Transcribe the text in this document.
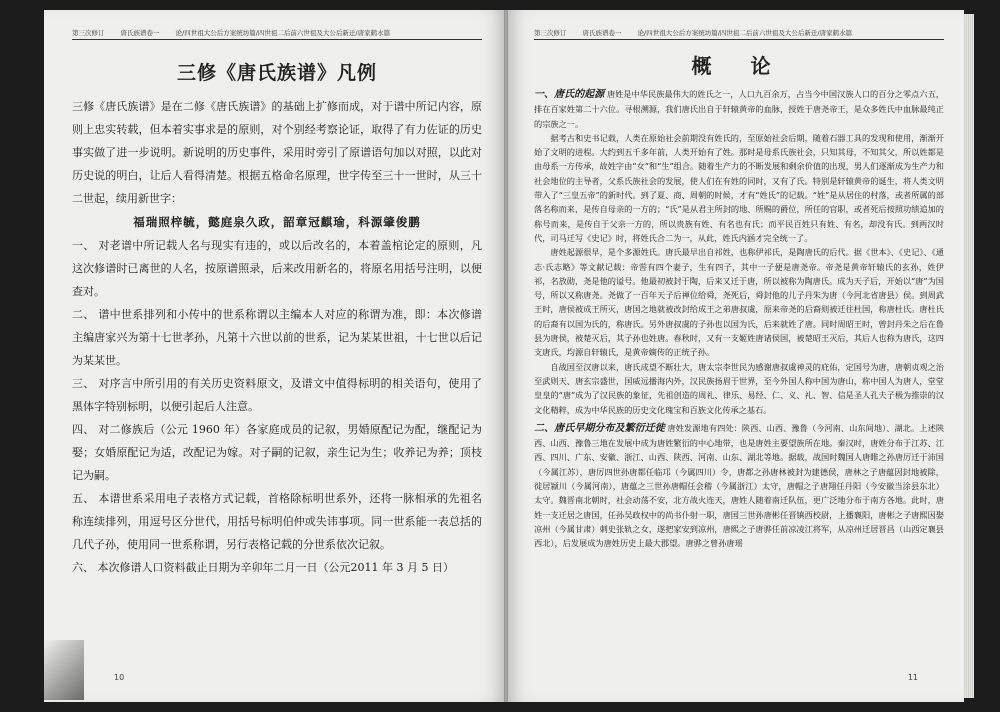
第三次修订 唐氏族谱卷一 论/四世祖大公后方案统坊篇/四世祖二后前六世祖及大公后新迁/唐家鹤水篇
三修《唐氏族谱》凡例

三修《唐氏族谱》是在二修《唐氏族谱》的基础上扩修而成，对于谱中所记内容，原则上忠实转载，但本着实事求是的原则，对个别经考察论证，取得了有力佐证的历史事实做了进一步说明。新说明的历史事件，采用时旁引了原谱语句加以对照，以此对历史说的明白，让后人看得清楚。根据五格命名原理，世字传至三十一世时，从三十二世起，续用新世字：

福瑞照梓毓，懿庭泉久政，韶章冠麒瑜，科源肇俊鹏

一、 对老谱中所记载人名与现实有违的，或以后改名的，本着盖棺论定的原则，凡这次修谱时已离世的人名，按原谱照录，后来改用新名的，将原名用括号注明，以便查对。

二、 谱中世系排列和小传中的世系称谓以主编本人对应的称谓为准，即：本次修谱主编唐家兴为第十七世孝孙，凡第十六世以前的世系，记为某某世祖，十七世以后记为某某世。

三、 对序言中所引用的有关历史资料原文，及谱文中值得标明的相关语句，使用了黑体字特别标明，以便引起后人注意。

四、 对二修族后（公元 1960 年）各家庭成员的记叙，男婚原配记为配，继配记为娶；女婚原配记为适，改配记为嫁。对子嗣的记叙，亲生记为生；收养记为养；顶枝记为嗣。

五、 本谱世系采用电子表格方式记载，首格除标明世系外，还将一脉相承的先祖名称连续排列，用逗号区分世代，用括号标明伯仲或失讳事项。同一世系能一表总括的几代子孙，使用同一世系称谓，另行表格记载的分世系依次记叙。

六、 本次修谱人口资料截止日期为辛卯年二月一日（公元2011 年 3 月 5 日）

10
第三次修订 唐氏族谱卷一 论/四世祖大公后方案统坊篇/四世祖二后前六世祖及大公后新迁/唐家鹤水篇
概 论
一、唐氏的起源 唐姓是中华民族最伟大的姓氏之一，人口九百余万，占当今中国汉族人口的百分之零点六五，排在百家姓第二十六位。寻根溯源，我们唐氏出自于轩辕黄帝的血脉，授姓于唐尧帝王，是众多姓氏中血脉最纯正的宗族之一。

据考古和史书记载，人类在原始社会前期没有姓氏的，至原始社会后期，随着石器工具的发现和使用，渐渐开始了文明的进程。大约到五千多年前，人类开始有了姓。那时是母系氏族社会，只知其母，不知其父，所以姓都是由母系一方传承，故姓字由“女”和“生”组合。随着生产力的不断发展和剩余价值的出现，男人们逐渐成为生产力和社会地位的主导者，父系氏族社会的发展，使人们在有姓的同时，又有了氏。特别是轩辕黄帝的诞生，将人类文明带入了“三皇五帝”的新时代。到了夏、商、周朝的时候，才有“姓氏”的记载。“姓”是从居住的村落，或者所属的部落名称而来，是传自母亲的一方的；“氏”是从君主所封的地、所赐的爵位，所任的官职，或者死后按照功绩追加的称号而来，是传自于父亲一方的，所以贵族有姓、有名也有氏；而平民百姓只有姓、有名，却没有氏。到两汉时代，司马迁写《史记》时，将姓氏合二为一，从此，姓氏内涵才完全统一了。

唐姓起源很早，是个多源姓氏。唐氏最早出自祁姓，也称伊祁氏，是陶唐氏的后代。据《世本》、《史记》、《通志·氏志略》等文献记载：帝喾有四个妻子，生有四子，其中一子便是唐尧帝。帝尧是黄帝轩辕氏的玄孙，姓伊祁，名放勋，尧是他的谥号。他最初被封于陶，后来又迁于唐，所以被称为陶唐氏。成为天子后，开始以“唐”为国号，所以又称唐尧。尧做了一百年天子后禅位给舜，尧死后，舜封他的儿子丹朱为唐（今河北省唐县）侯。到周武王时，唐侯被成王所灭，唐国之地就被改封给成王之弟唐叔虞，原来帝尧的后裔则被迁往杜国，称唐杜氏。唐杜氏的后裔有以国为氏的，称唐氏。另外唐叔虞的子孙也以国为氏，后来就姓了唐。同时周昭王时，曾封丹朱之后在鲁县为唐侯，被楚灭后，其子孙也姓唐。春秋时，又有一支姬姓唐诸侯国，被楚昭王灭后，其后人也称为唐氏，这四支唐氏，均源自轩辕氏，是黄帝嫡传的正统子孙。

自战国至汉唐以来，唐氏成望不断壮大，唐太宗李世民为感谢唐叔虞神灵的庇佑，定国号为唐，唐朝贞观之治至武则天、唐玄宗盛世，国威远播海内外，汉民族扬眉于世界，至今外国人称中国为唐山，称中国人为唐人，堂堂皇皇的“唐”成为了汉民族的象征，先祖创造的周礼、律乐、易经、仁、义、礼、智、信是圣人孔夫子极为推崇的汉文化精粹，成为中华民族的历史文化瑰宝和百族文化传承之基石。

二、唐氏早期分布及繁衍迁徙 唐姓发源地有四处：陕西、山西、豫鲁（今河南、山东间地）、湖北。上述陕西、山西、豫鲁三地在发展中成为唐姓繁衍的中心地带，也是唐姓主要望族所在地。秦汉时，唐姓分布于江苏、江西、四川、广东、安徽、浙江、山西、陕西、河南、山东、湖北等地。据载，战国时魏国人唐睢之孙唐厉迁于沛国（今属江苏），唐厉四世孙唐都任临邛（今属四川）令，唐都之孙唐林被封为建德侯，唐林之子唐蕴因封地被除，徙居颍川（今属河南），唐蕴之三世孙唐帽任会稽（今属浙江）太守，唐帽之子唐翔任丹阳（今安徽当涂县东北）太守。魏晋南北朝时，社会动荡不安，北方战火连天，唐姓人随着南迁队伍，更广泛地分布于南方各地。此时，唐姓一支迁居之唐国，任孙吴政权中的尚书仆射一职，唐国三世孙唐彬任晋镇西校尉，上播襄阳，唐彬之子唐熙因娶凉州（今属甘肃）刺史张轨之女，遂把家安到凉州，唐熙之子唐骅任前凉凌江将军，从凉州迁居晋昌（山西定襄县西北），后发展成为唐姓历史上最大郡望。唐骅之曾孙唐瑶
11
